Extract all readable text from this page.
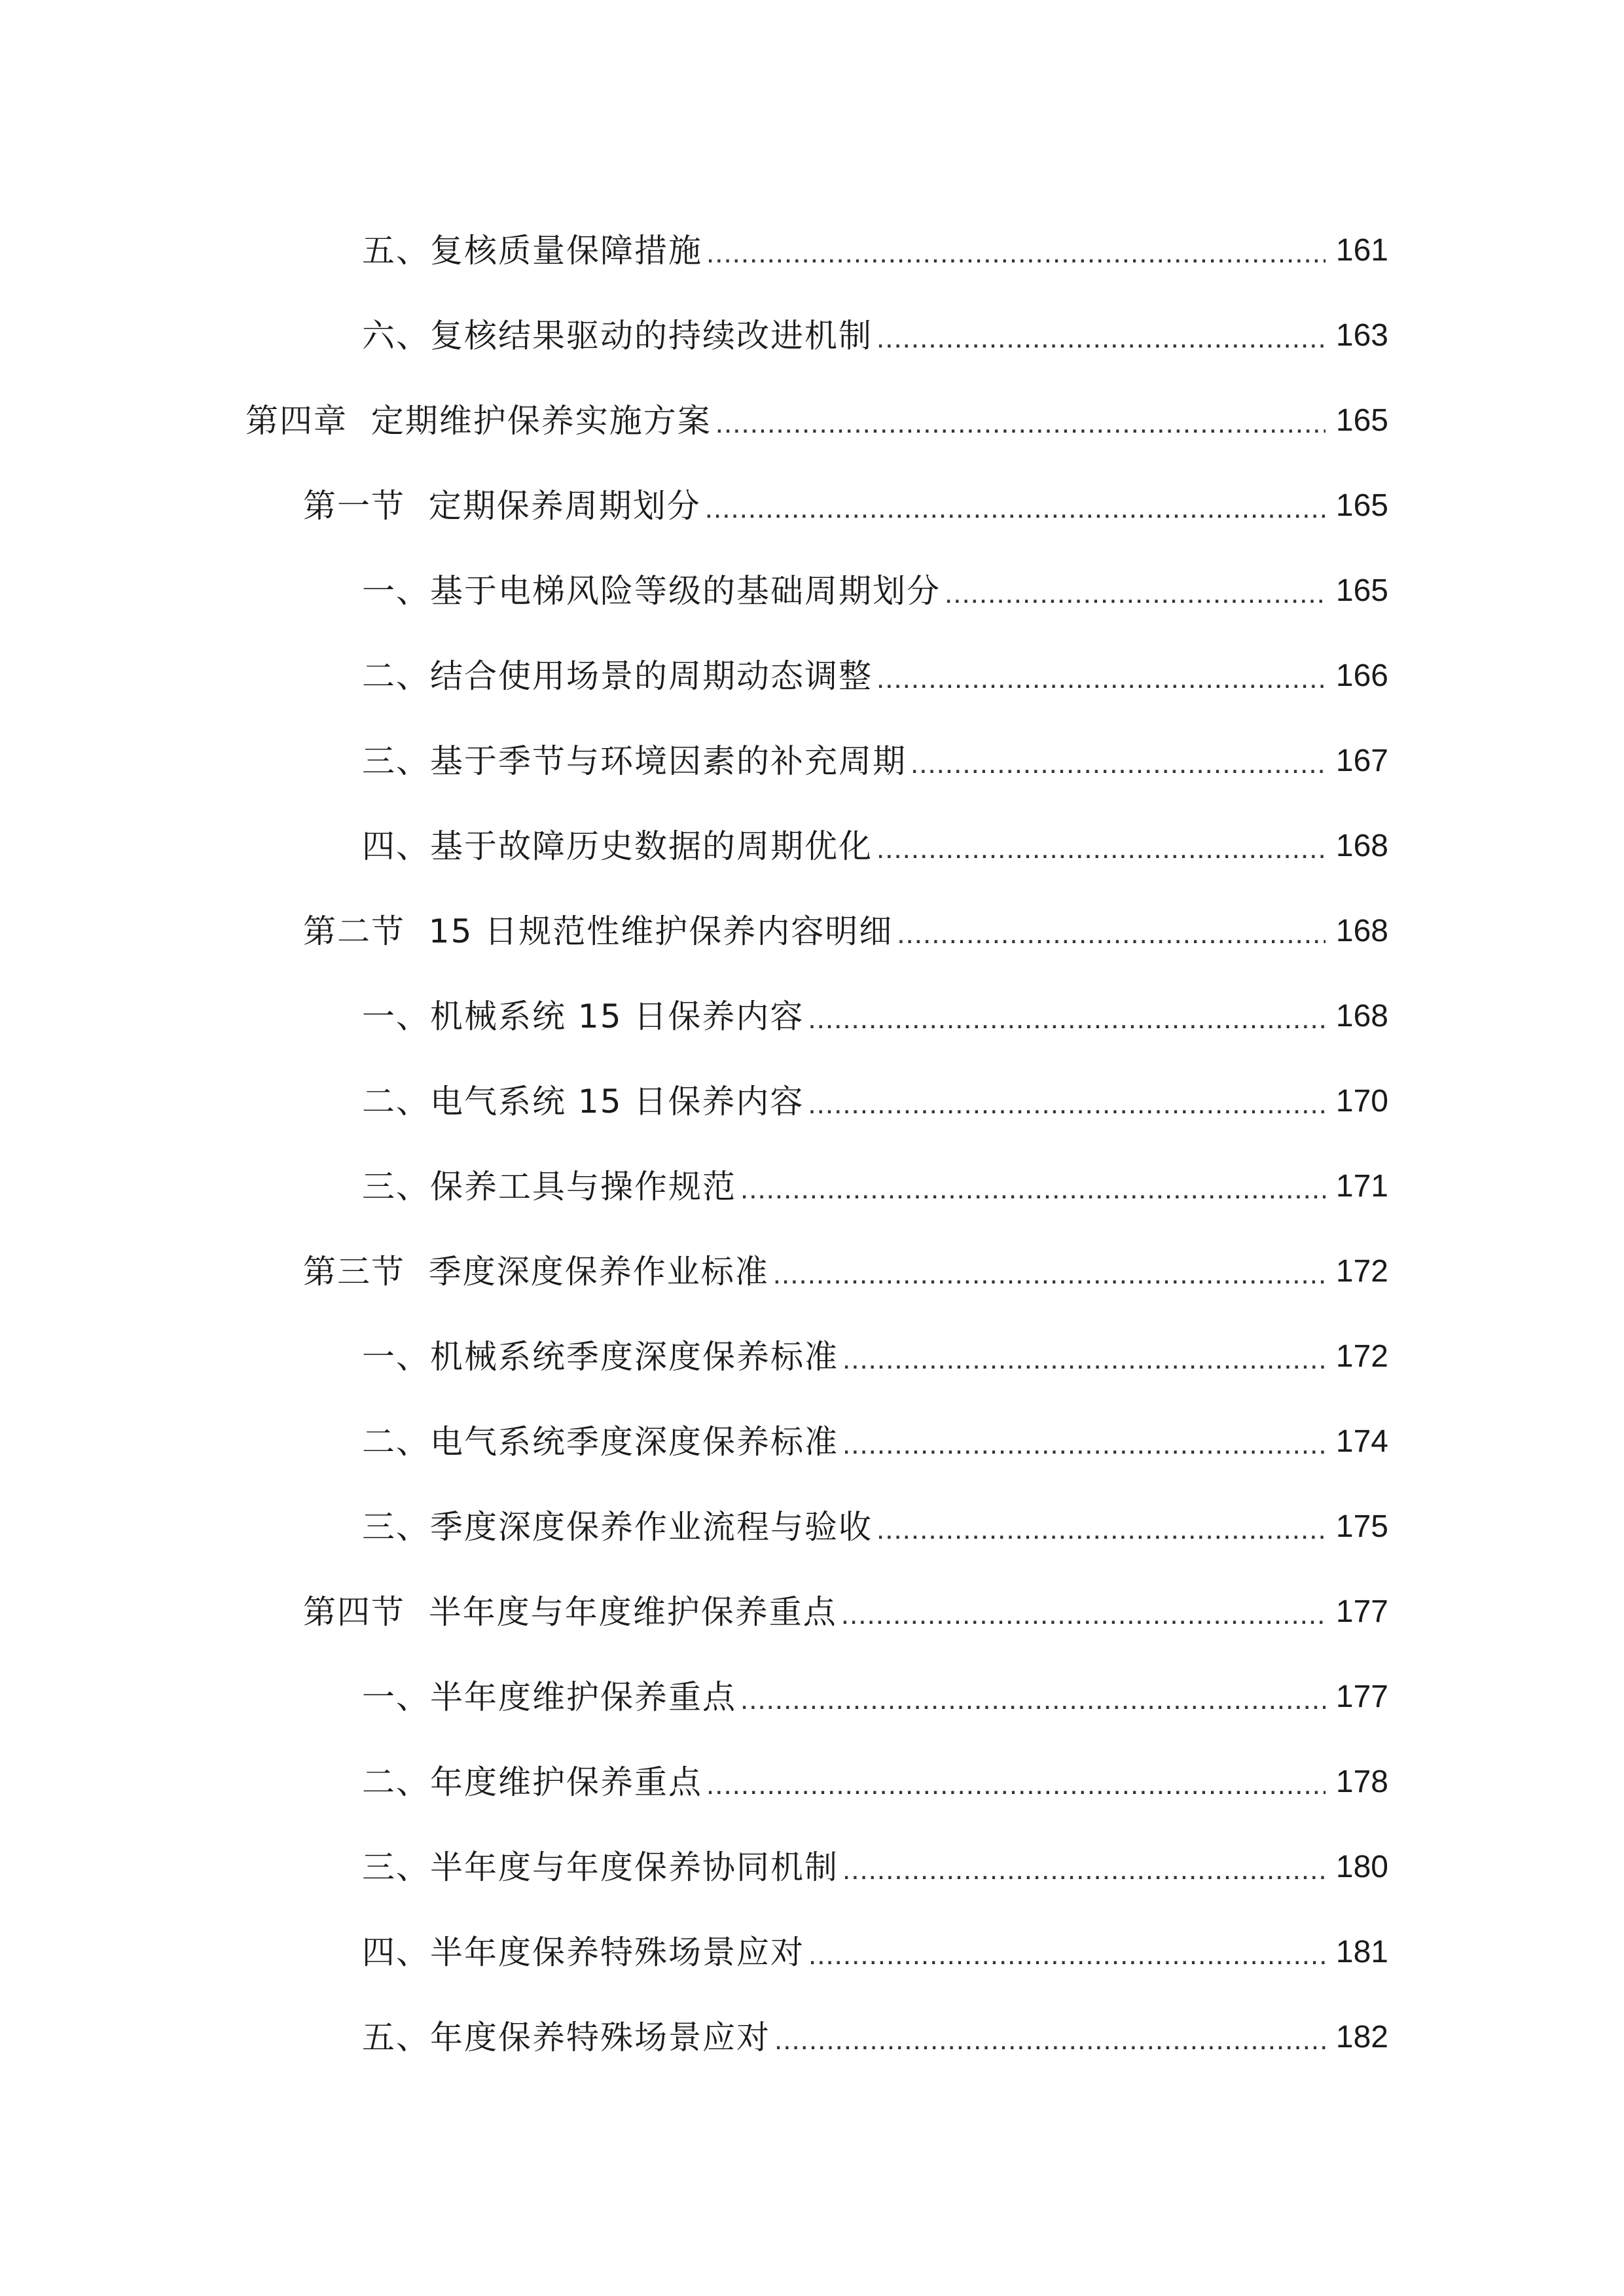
五、复核质量保障措施 .....	161
六、复核结果驱动的持续改进机制 .....	163
第四章  定期维护保养实施方案 .....	165
第一节  定期保养周期划分 .....	165
一、基于电梯风险等级的基础周期划分 .....	165
二、结合使用场景的周期动态调整 .....	166
三、基于季节与环境因素的补充周期 .....	167
四、基于故障历史数据的周期优化 .....	168
第二节  15 日规范性维护保养内容明细 .....	168
一、机械系统 15 日保养内容 .....	168
二、电气系统 15 日保养内容 .....	170
三、保养工具与操作规范 .....	171
第三节  季度深度保养作业标准 .....	172
一、机械系统季度深度保养标准 .....	172
二、电气系统季度深度保养标准 .....	174
三、季度深度保养作业流程与验收 .....	175
第四节  半年度与年度维护保养重点 .....	177
一、半年度维护保养重点 .....	177
二、年度维护保养重点 .....	178
三、半年度与年度保养协同机制 .....	180
四、半年度保养特殊场景应对 .....	181
五、年度保养特殊场景应对 .....	182
